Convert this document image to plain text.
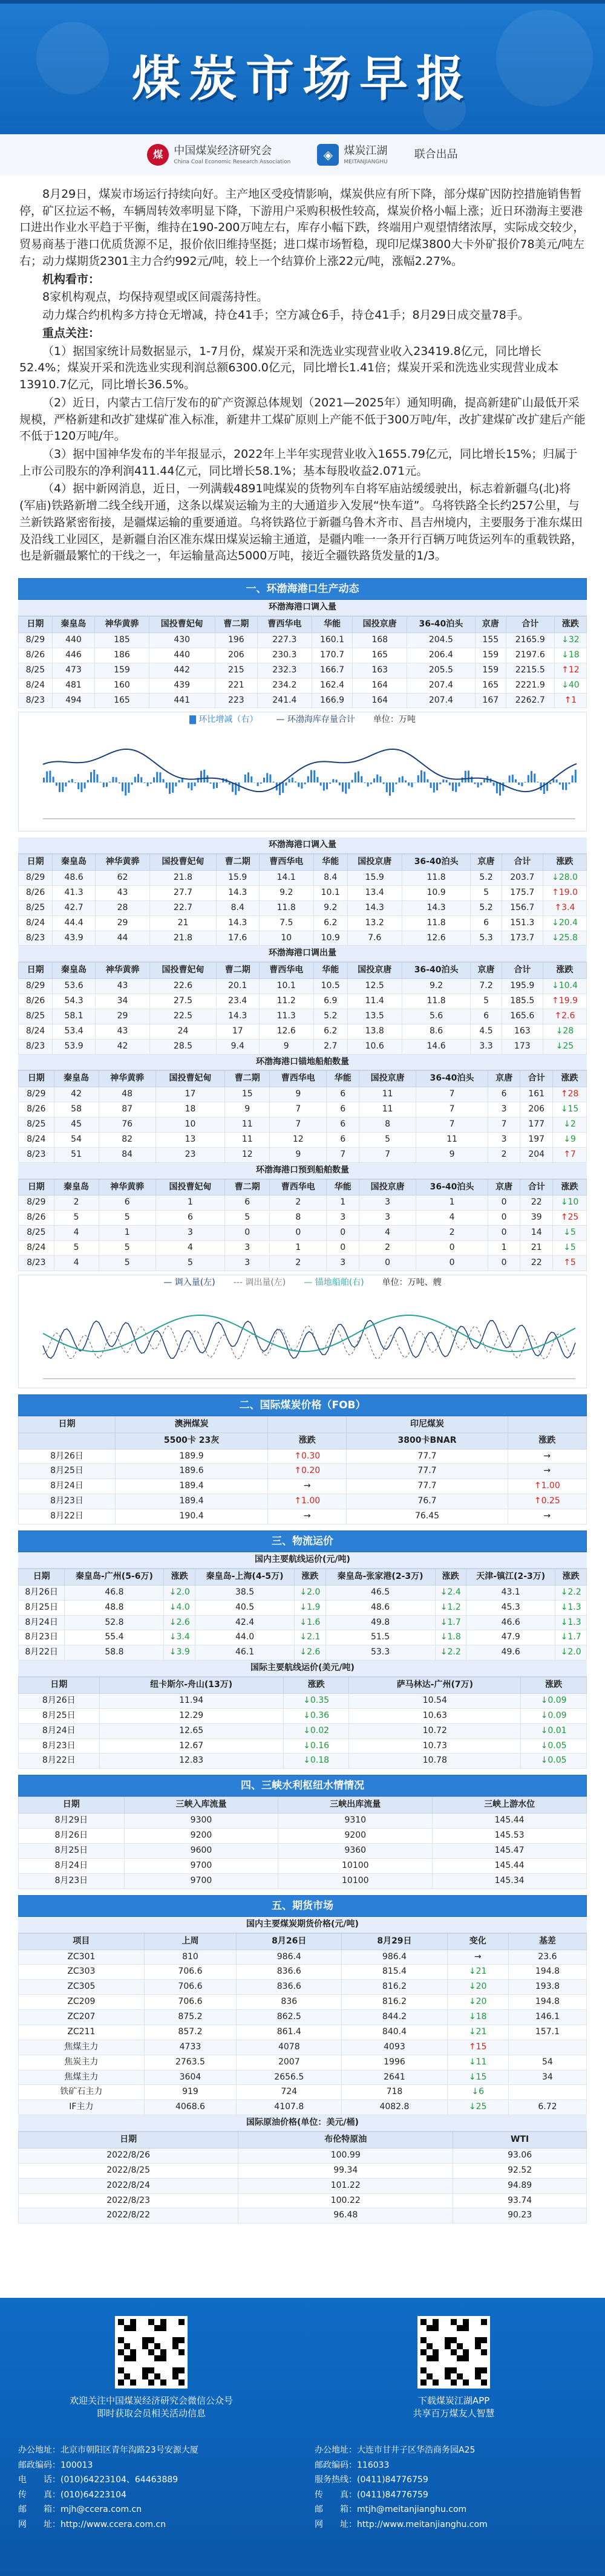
煤炭市场早报
煤	中国煤炭经济研究会
China Coal Economic Research Association
◈	煤炭江湖
MEITANJIANGHU
联合出品

8月29日，煤炭市场运行持续向好。主产地区受疫情影响，煤炭供应有所下降，部分煤矿因防控措施销售暂停，矿区拉运不畅，车辆周转效率明显下降，下游用户采购积极性较高，煤炭价格小幅上涨；近日环渤海主要港口进出作业水平趋于平衡，维持在190-200万吨左右，库存小幅下跌，终端用户观望情绪浓厚，实际成交较少，贸易商基于港口优质货源不足，报价依旧维持坚挺；进口煤市场暂稳，现印尼煤3800大卡外矿报价78美元/吨左右；动力煤期货2301主力合约992元/吨，较上一个结算价上涨22元/吨，涨幅2.27%。

机构看市：

8家机构观点，均保持观望或区间震荡持性。

动力煤合约机构多方持仓无增减，持仓41手；空方减仓6手，持仓41手；8月29日成交量78手。

重点关注：

（1）据国家统计局数据显示，1-7月份，煤炭开采和洗选业实现营业收入23419.8亿元，同比增长52.4%；煤炭开采和洗选业实现利润总额6300.0亿元，同比增长1.41倍；煤炭开采和洗选业实现营业成本13910.7亿元，同比增长36.5%。

（2）近日，内蒙古工信厅发布的矿产资源总体规划（2021—2025年）通知明确，提高新建矿山最低开采规模，严格新建和改扩建煤矿准入标准，新建井工煤矿原则上产能不低于300万吨/年，改扩建煤矿改扩建后产能不低于120万吨/年。

（3）据中国神华发布的半年报显示，2022年上半年实现营业收入1655.79亿元，同比增长15%；归属于上市公司股东的净利润411.44亿元，同比增长58.1%；基本每股收益2.071元。

（4）据中新网消息，近日，一列满载4891吨煤炭的货物列车自将军庙站缓缓驶出，标志着新疆乌(北)将(军庙)铁路新增二线全线开通，这条以煤炭运输为主的大通道步入发展“快车道”。乌将铁路全长约257公里，与兰新铁路紧密衔接，是疆煤运输的重要通道。乌将铁路位于新疆乌鲁木齐市、昌吉州境内，主要服务于准东煤田及沿线工业园区，是新疆自治区准东煤田煤炭运输主通道，是疆内唯一一条开行百辆万吨货运列车的重载铁路，也是新疆最繁忙的干线之一，年运输量高达5000万吨，接近全疆铁路货发量的1/3。

一、环渤海港口生产动态
环渤海港口调入量
日期	秦皇岛	神华黄骅	国投曹妃甸	曹二期	曹西华电	华能	国投京唐	36-40泊头	京唐	合计	涨跌
8/29	440	185	430	196	227.3	160.1	168	204.5	155	2165.9	↓32
8/26	446	186	440	206	230.3	170.7	165	206.4	159	2197.6	↓18
8/25	473	159	442	215	232.3	166.7	163	205.5	159	2215.5	↑12
8/24	481	160	439	221	234.2	162.4	164	207.4	165	2221.9	↓40
8/23	494	165	441	223	241.4	166.9	164	207.4	167	2262.7	↑1
▇ 环比增减（右） — 环渤海库存量合计 单位：万吨
环渤海港口调入量
日期	秦皇岛	神华黄骅	国投曹妃甸	曹二期	曹西华电	华能	国投京唐	36-40泊头	京唐	合计	涨跌
8/29	48.6	62	21.8	15.9	14.1	8.4	15.9	11.8	5.2	203.7	↓28.0
8/26	41.3	43	27.7	14.3	9.2	10.1	13.4	10.9	5	175.7	↑19.0
8/25	42.7	28	22.7	8.4	11.8	9.2	14.3	14.3	5.2	156.7	↑3.4
8/24	44.4	29	21	14.3	7.5	6.2	13.2	11.8	6	151.3	↓20.4
8/23	43.9	44	21.8	17.6	10	10.9	7.6	12.6	5.3	173.7	↓25.8
环渤海港口调出量
日期	秦皇岛	神华黄骅	国投曹妃甸	曹二期	曹西华电	华能	国投京唐	36-40泊头	京唐	合计	涨跌
8/29	53.6	43	22.6	20.1	10.1	10.5	12.5	9.2	7.2	195.9	↓10.4
8/26	54.3	34	27.5	23.4	11.2	6.9	11.4	11.8	5	185.5	↑19.9
8/25	58.1	29	22.5	14.3	11.3	5.2	13.5	5.6	6	165.6	↑2.6
8/24	53.4	43	24	17	12.6	6.2	13.8	8.6	4.5	163	↓28
8/23	53.9	42	28.5	9.4	9	2.7	10.6	14.6	3.3	173	↓25
环渤海港口锚地船舶数量
日期	秦皇岛	神华黄骅	国投曹妃甸	曹二期	曹西华电	华能	国投京唐	36-40泊头	京唐	合计	涨跌
8/29	42	48	17	15	9	6	11	7	6	161	↑28
8/26	58	87	18	9	7	6	11	7	3	206	↓15
8/25	45	76	10	11	7	6	8	7	7	177	↓2
8/24	54	82	13	11	12	6	5	11	3	197	↓9
8/23	51	84	23	12	9	7	7	9	2	204	↑7
环渤海港口预到船舶数量
日期	秦皇岛	神华黄骅	国投曹妃甸	曹二期	曹西华电	华能	国投京唐	36-40泊头	京唐	合计	涨跌
8/29	2	6	1	6	2	1	3	1	0	22	↓10
8/26	5	5	6	5	8	3	3	4	0	39	↑25
8/25	4	1	3	0	0	0	4	2	0	14	↓5
8/24	5	5	4	3	1	0	2	0	1	21	↓5
8/23	4	5	5	3	2	3	0	0	0	22	↑5
— 调入量(左) --- 调出量(左) — 锚地船舶(右) 单位：万吨、艘
二、国际煤炭价格（FOB）
日期	澳洲煤炭		印尼煤炭	
	5500卡 23灰	涨跌	3800卡BNAR	涨跌
8月26日	189.9	↑0.30	77.7	→
8月25日	189.6	↑0.20	77.7	→
8月24日	189.4	→	77.7	↑1.00
8月23日	189.4	↑1.00	76.7	↑0.25
8月22日	190.4	→	76.45	→
三、物流运价
国内主要航线运价(元/吨)
日期	秦皇岛-广州(5-6万)	涨跌	秦皇岛-上海(4-5万)	涨跌	秦皇岛-张家港(2-3万)	涨跌	天津-镇江(2-3万)	涨跌
8月26日	46.8	↓2.0	38.5	↓2.0	46.5	↓2.4	43.1	↓2.2
8月25日	48.8	↓4.0	40.5	↓1.9	48.6	↓1.2	45.3	↓1.3
8月24日	52.8	↓2.6	42.4	↓1.6	49.8	↓1.7	46.6	↓1.3
8月23日	55.4	↓3.4	44.0	↓2.1	51.5	↓1.8	47.9	↓1.7
8月22日	58.8	↓3.9	46.1	↓2.6	53.3	↓2.2	49.6	↓2.0
国际主要航线运价(美元/吨)
日期	纽卡斯尔-舟山(13万)	涨跌	萨马林达-广州(7万)	涨跌
8月26日	11.94	↓0.35	10.54	↓0.09
8月25日	12.29	↓0.36	10.63	↓0.09
8月24日	12.65	↓0.02	10.72	↓0.01
8月23日	12.67	↓0.16	10.73	↓0.05
8月22日	12.83	↓0.18	10.78	↓0.05
四、三峡水利枢纽水情情况
日期	三峡入库流量	三峡出库流量	三峡上游水位
8月29日	9300	9310	145.44
8月26日	9200	9200	145.53
8月25日	9600	9360	145.47
8月24日	9700	10100	145.44
8月23日	9700	10100	145.34
五、期货市场
国内主要煤炭期货价格(元/吨)
项目	上周	8月26日	8月29日	变化	基差
ZC301	810	986.4	986.4	→	23.6
ZC303	706.6	836.6	815.4	↓21	194.8
ZC305	706.6	836.6	816.2	↓20	193.8
ZC209	706.6	836	816.2	↓20	194.8
ZC207	875.2	862.5	844.2	↓18	146.1
ZC211	857.2	861.4	840.4	↓21	157.1
焦煤主力	4733	4078	4093	↑15	
焦炭主力	2763.5	2007	1996	↓11	54
焦煤主力	3604	2656.5	2641	↓15	34
铁矿石主力	919	724	718	↓6	
IF主力	4068.6	4107.8	4082.8	↓25	6.72
国际原油价格(单位：美元/桶)
日期	布伦特原油	WTI
2022/8/26	100.99	93.06
2022/8/25	99.34	92.52
2022/8/24	101.22	94.89
2022/8/23	100.22	93.74
2022/8/22	96.48	90.23
欢迎关注中国煤炭经济研究会微信公众号
即时获取会员相关活动信息
下载煤炭江湖APP
共享百万煤友人智慧
办公地址：北京市朝阳区青年沟路23号安源大厦
邮政编码：100013
电　　话：(010)64223104、64463889
传　　真：(010)64223104
邮　　箱：mjh@ccera.com.cn
网　　址：http://www.ccera.com.cn
办公地址：大连市甘井子区华浩商务园A25
邮政编码：116033
服务热线：(0411)84776759
传　　真：(0411)84776759
邮　　箱：mtjh@meitanjianghu.com
网　　址：http://www.meitanjianghu.com
